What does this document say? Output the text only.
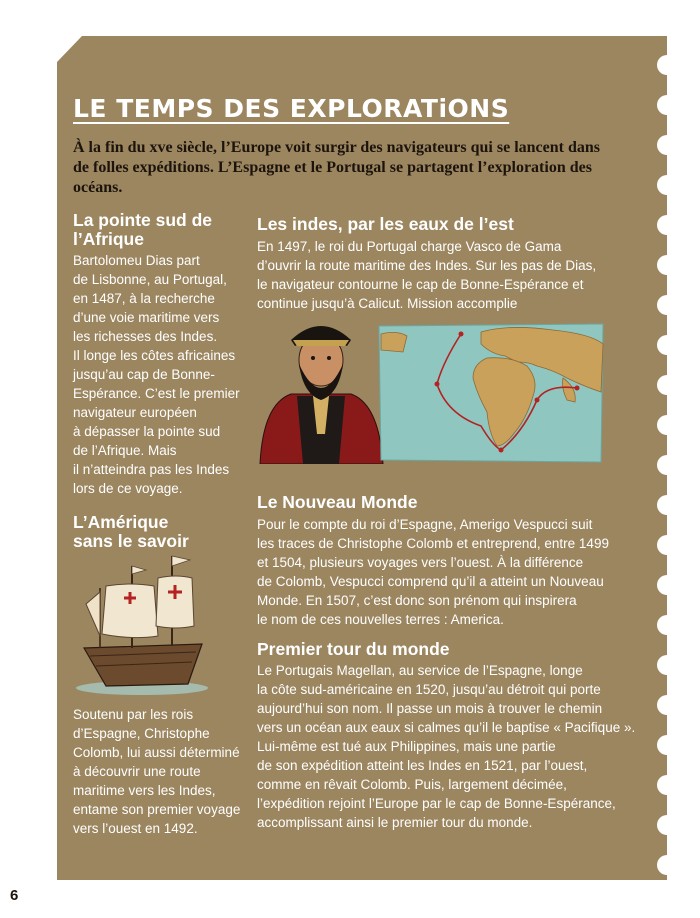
LE TEMPS DES EXPLORATiONS
À la fin du xve siècle, l’Europe voit surgir des navigateurs qui se lancent dans de folles expéditions. L’Espagne et le Portugal se partagent l’exploration des océans.
La pointe sud de
l’Afrique
Bartolomeu Dias part
de Lisbonne, au Portugal,
en 1487, à la recherche
d’une voie maritime vers
les richesses des Indes.
Il longe les côtes africaines
jusqu’au cap de Bonne-
Espérance. C’est le premier
navigateur européen
à dépasser la pointe sud
de l’Afrique. Mais
il n’atteindra pas les Indes
lors de ce voyage.
L’Amérique
sans le savoir
Soutenu par les rois
d’Espagne, Christophe
Colomb, lui aussi déterminé
à découvrir une route
maritime vers les Indes,
entame son premier voyage
vers l’ouest en 1492.
Les indes, par les eaux de l’est
En 1497, le roi du Portugal charge Vasco de Gama
d’ouvrir la route maritime des Indes. Sur les pas de Dias,
le navigateur contourne le cap de Bonne-Espérance et
continue jusqu’à Calicut. Mission accomplie
Le Nouveau Monde
Pour le compte du roi d’Espagne, Amerigo Vespucci suit
les traces de Christophe Colomb et entreprend, entre 1499
et 1504, plusieurs voyages vers l’ouest. À la différence
de Colomb, Vespucci comprend qu’il a atteint un Nouveau
Monde. En 1507, c’est donc son prénom qui inspirera
le nom de ces nouvelles terres : America.
Premier tour du monde
Le Portugais Magellan, au service de l’Espagne, longe
la côte sud-américaine en 1520, jusqu’au détroit qui porte
aujourd’hui son nom. Il passe un mois à trouver le chemin
vers un océan aux eaux si calmes qu’il le baptise « Pacifique ».
Lui-même est tué aux Philippines, mais une partie
de son expédition atteint les Indes en 1521, par l’ouest,
comme en rêvait Colomb. Puis, largement décimée,
l’expédition rejoint l’Europe par le cap de Bonne-Espérance,
accomplissant ainsi le premier tour du monde.
6
